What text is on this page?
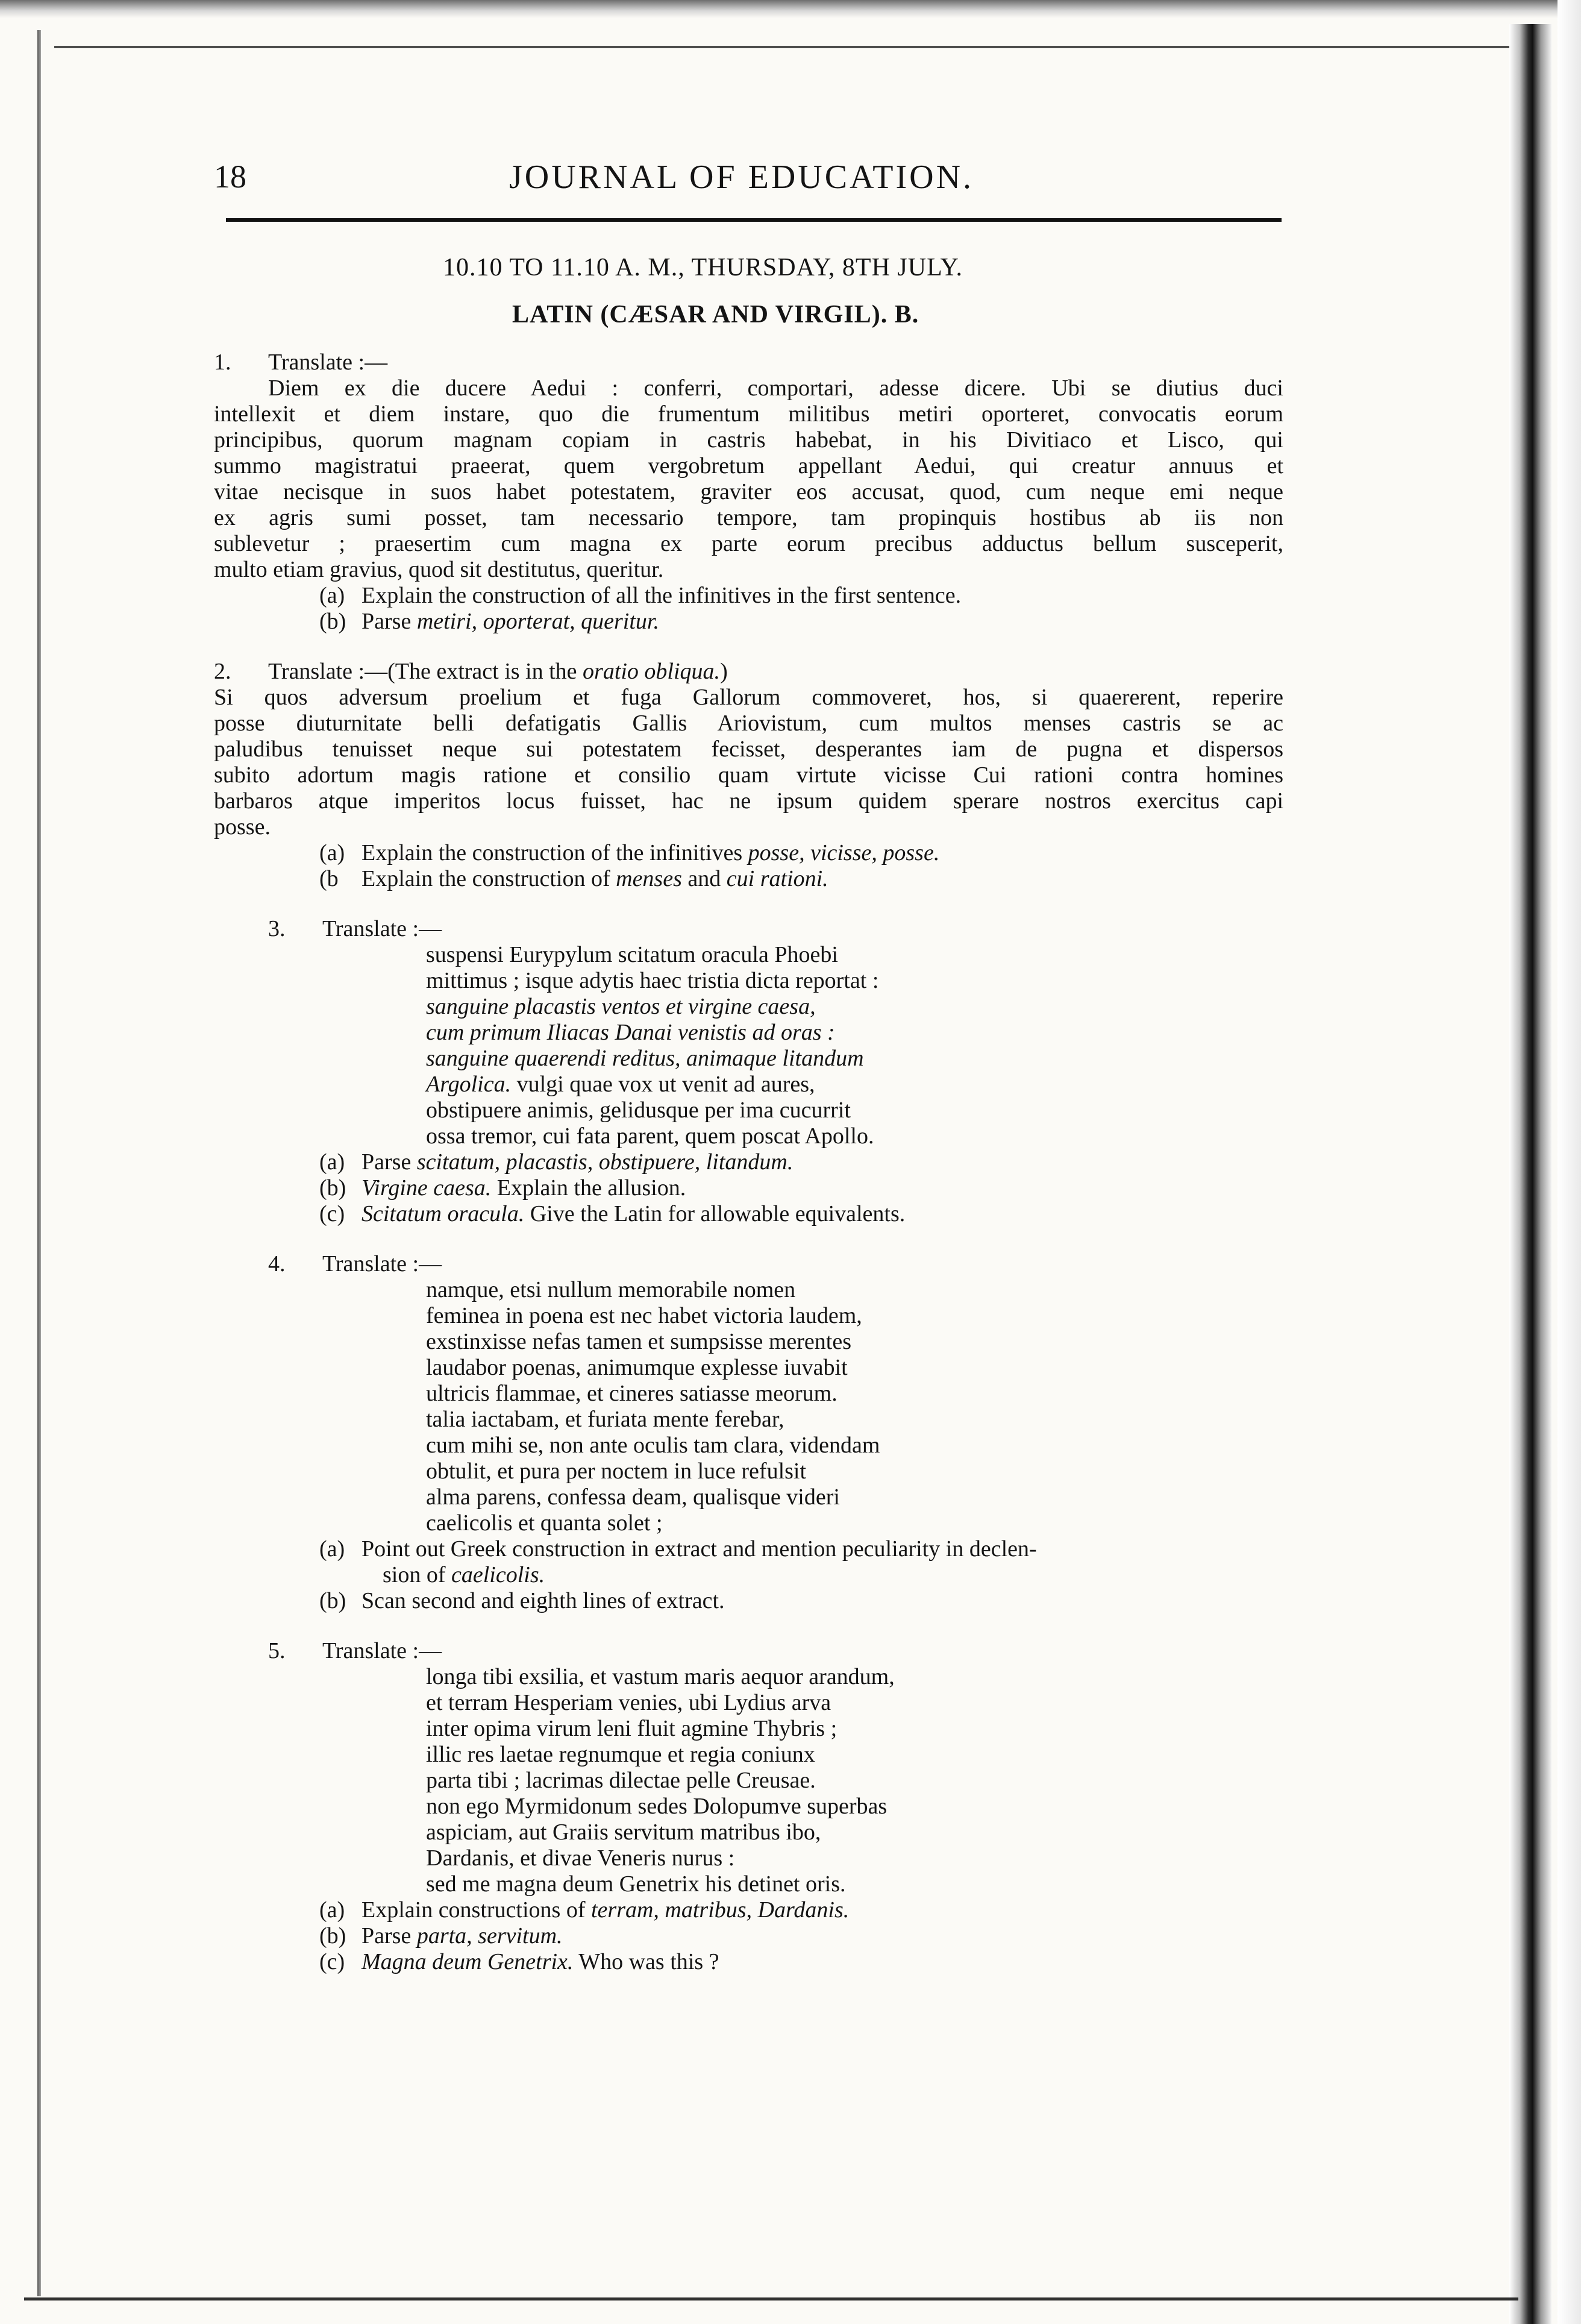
18	JOURNAL OF EDUCATION.
10.10 TO 11.10 A. M., THURSDAY, 8TH JULY.
LATIN (CÆSAR AND VIRGIL). B.
1.	Translate :—
Diem ex die ducere Aedui : conferri, comportari, adesse dicere. Ubi se diutius duci
intellexit et diem instare, quo die frumentum militibus metiri oporteret, convocatis eorum
principibus, quorum magnam copiam in castris habebat, in his Divitiaco et Lisco, qui
summo magistratui praeerat, quem vergobretum appellant Aedui, qui creatur annuus et
vitae necisque in suos habet potestatem, graviter eos accusat, quod, cum neque emi neque
ex agris sumi posset, tam necessario tempore, tam propinquis hostibus ab iis non
sublevetur ; praesertim cum magna ex parte eorum precibus adductus bellum susceperit,
multo etiam gravius, quod sit destitutus, queritur.
(a) Explain the construction of all the infinitives in the first sentence.
(b) Parse metiri, oporterat, queritur.
2.	Translate :—(The extract is in the oratio obliqua.)
Si quos adversum proelium et fuga Gallorum commoveret, hos, si quaererent, reperire
posse diuturnitate belli defatigatis Gallis Ariovistum, cum multos menses castris se ac
paludibus tenuisset neque sui potestatem fecisset, desperantes iam de pugna et dispersos
subito adortum magis ratione et consilio quam virtute vicisse Cui rationi contra homines
barbaros atque imperitos locus fuisset, hac ne ipsum quidem sperare nostros exercitus capi
posse.
(a) Explain the construction of the infinitives posse, vicisse, posse.
(b	Explain the construction of menses and cui rationi.
3.	Translate :—
suspensi Eurypylum scitatum oracula Phoebi
mittimus ; isque adytis haec tristia dicta reportat :
sanguine placastis ventos et virgine caesa,
cum primum Iliacas Danai venistis ad oras :
sanguine quaerendi reditus, animaque litandum
Argolica. vulgi quae vox ut venit ad aures,
obstipuere animis, gelidusque per ima cucurrit
ossa tremor, cui fata parent, quem poscat Apollo.
(a) Parse scitatum, placastis, obstipuere, litandum.
(b) Virgine caesa. Explain the allusion.
(c) Scitatum oracula. Give the Latin for allowable equivalents.
4.	Translate :—
namque, etsi nullum memorabile nomen
feminea in poena est nec habet victoria laudem,
exstinxisse nefas tamen et sumpsisse merentes
laudabor poenas, animumque explesse iuvabit
ultricis flammae, et cineres satiasse meorum.
talia iactabam, et furiata mente ferebar,
cum mihi se, non ante oculis tam clara, videndam
obtulit, et pura per noctem in luce refulsit
alma parens, confessa deam, qualisque videri
caelicolis et quanta solet ;
(a) Point out Greek construction in extract and mention peculiarity in declen-
sion of caelicolis.
(b) Scan second and eighth lines of extract.
5.	Translate :—
longa tibi exsilia, et vastum maris aequor arandum,
et terram Hesperiam venies, ubi Lydius arva
inter opima virum leni fluit agmine Thybris ;
illic res laetae regnumque et regia coniunx
parta tibi ; lacrimas dilectae pelle Creusae.
non ego Myrmidonum sedes Dolopumve superbas
aspiciam, aut Graiis servitum matribus ibo,
Dardanis, et divae Veneris nurus :
sed me magna deum Genetrix his detinet oris.
(a) Explain constructions of terram, matribus, Dardanis.
(b) Parse parta, servitum.
(c) Magna deum Genetrix. Who was this ?
